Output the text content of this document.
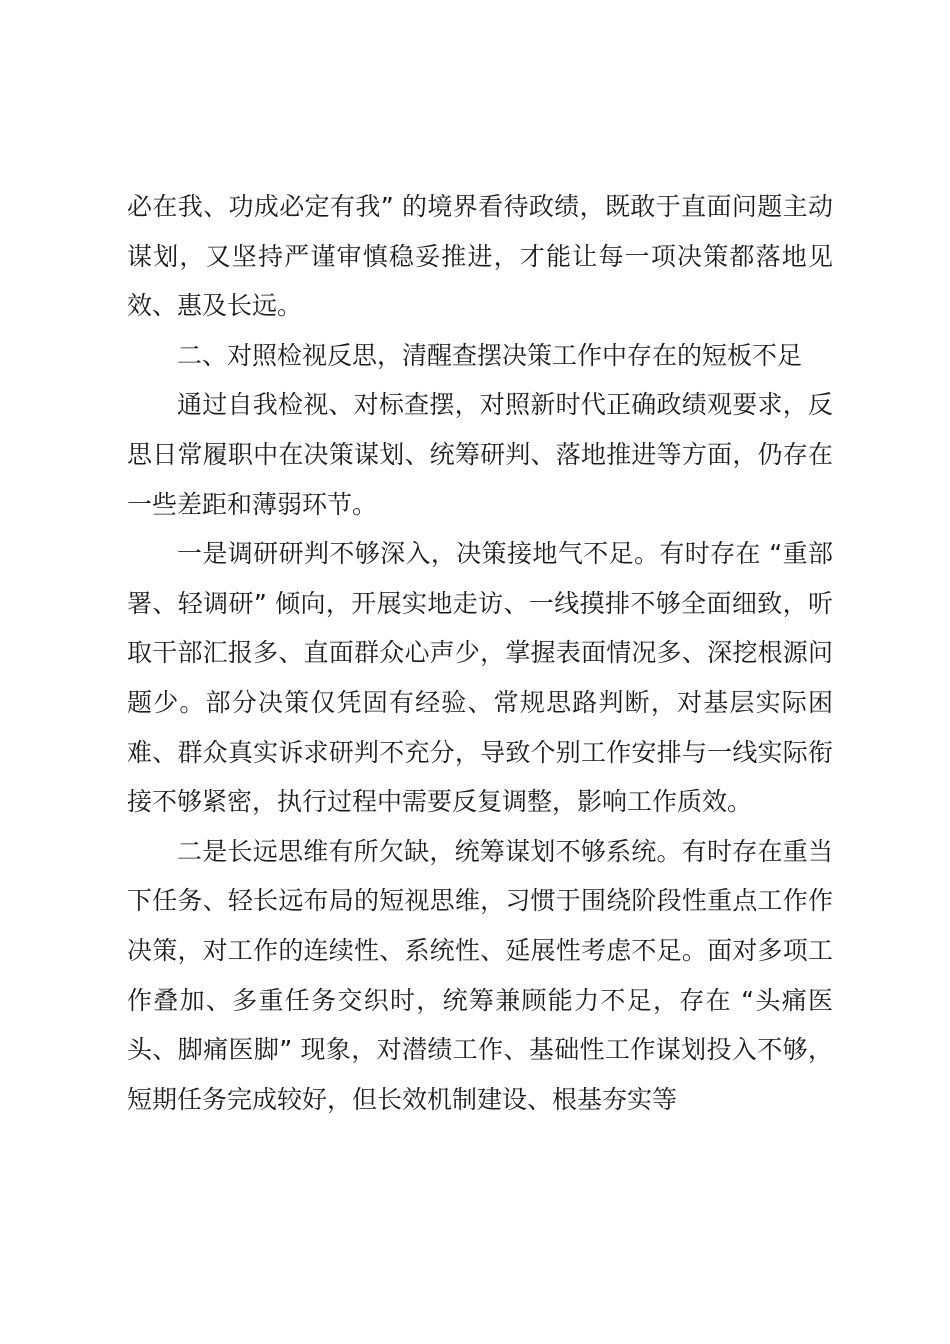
必在我、功成必定有我” 的境界看待政绩，既敢于直面问题主动谋划，又坚持严谨审慎稳妥推进，才能让每一项决策都落地见效、惠及长远。

二、对照检视反思，清醒查摆决策工作中存在的短板不足

通过自我检视、对标查摆，对照新时代正确政绩观要求，反思日常履职中在决策谋划、统筹研判、落地推进等方面，仍存在一些差距和薄弱环节。

一是调研研判不够深入，决策接地气不足。有时存在 “重部署、轻调研” 倾向，开展实地走访、一线摸排不够全面细致，听取干部汇报多、直面群众心声少，掌握表面情况多、深挖根源问题少。部分决策仅凭固有经验、常规思路判断，对基层实际困难、群众真实诉求研判不充分，导致个别工作安排与一线实际衔接不够紧密，执行过程中需要反复调整，影响工作质效。

二是长远思维有所欠缺，统筹谋划不够系统。有时存在重当下任务、轻长远布局的短视思维，习惯于围绕阶段性重点工作作决策，对工作的连续性、系统性、延展性考虑不足。面对多项工作叠加、多重任务交织时，统筹兼顾能力不足，存在 “头痛医头、脚痛医脚” 现象，对潜绩工作、基础性工作谋划投入不够，短期任务完成较好，但长效机制建设、根基夯实等
